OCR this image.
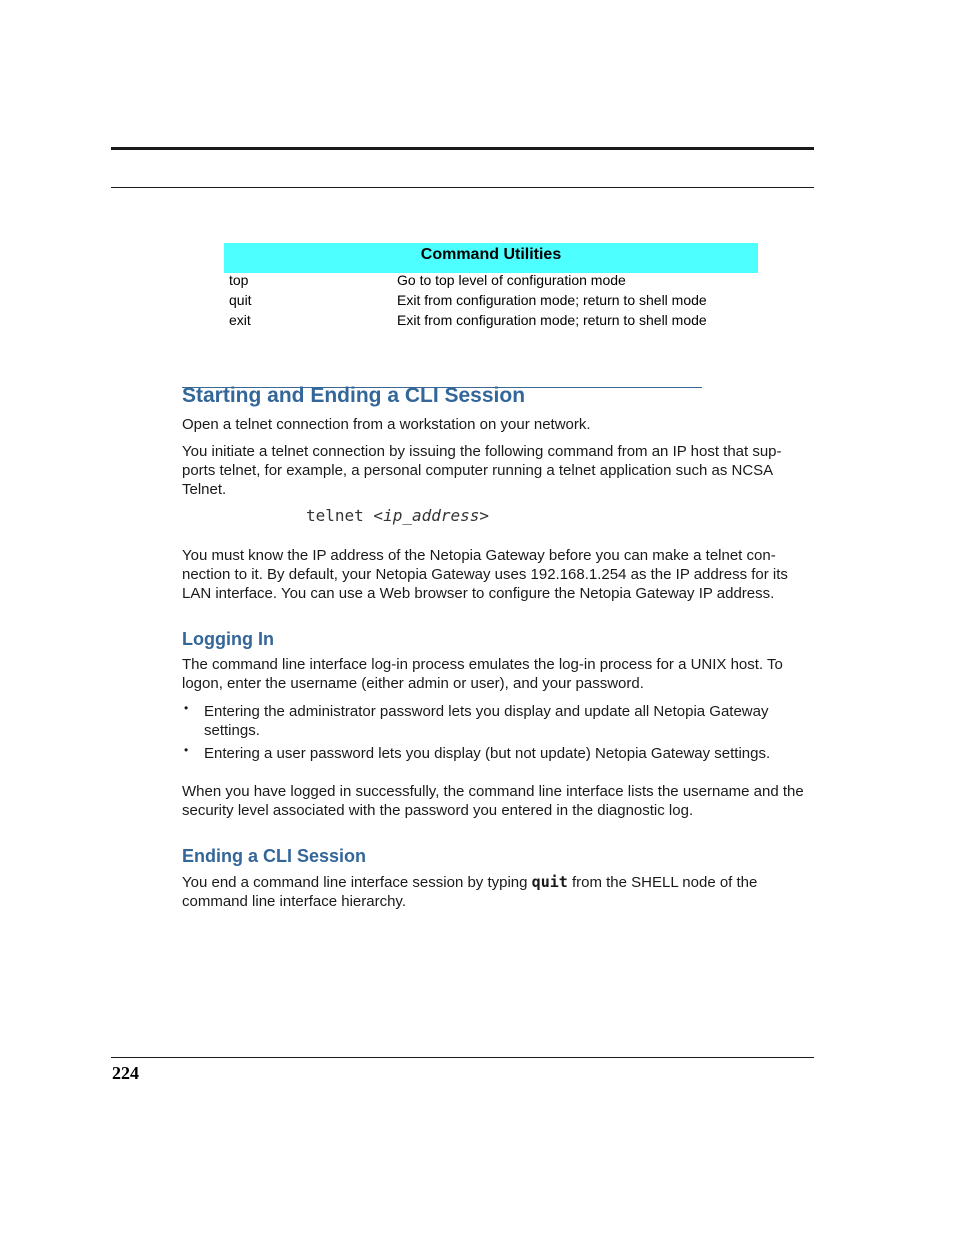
Command Utilities
top	Go to top level of configuration mode
quit	Exit from configuration mode; return to shell mode
exit	Exit from configuration mode; return to shell mode
Starting and Ending a CLI Session

Open a telnet connection from a workstation on your network.

You initiate a telnet connection by issuing the following command from an IP host that sup-ports telnet, for example, a personal computer running a telnet application such as NCSA Telnet.

telnet <ip_address>

You must know the IP address of the Netopia Gateway before you can make a telnet con-nection to it. By default, your Netopia Gateway uses 192.168.1.254 as the IP address for its LAN interface. You can use a Web browser to configure the Netopia Gateway IP address.

Logging In

The command line interface log-in process emulates the log-in process for a UNIX host. To logon, enter the username (either admin or user), and your password.

• Entering the administrator password lets you display and update all Netopia Gateway settings.
• Entering a user password lets you display (but not update) Netopia Gateway settings.

When you have logged in successfully, the command line interface lists the username and the security level associated with the password you entered in the diagnostic log.

Ending a CLI Session

You end a command line interface session by typing quit from the SHELL node of the command line interface hierarchy.

224
